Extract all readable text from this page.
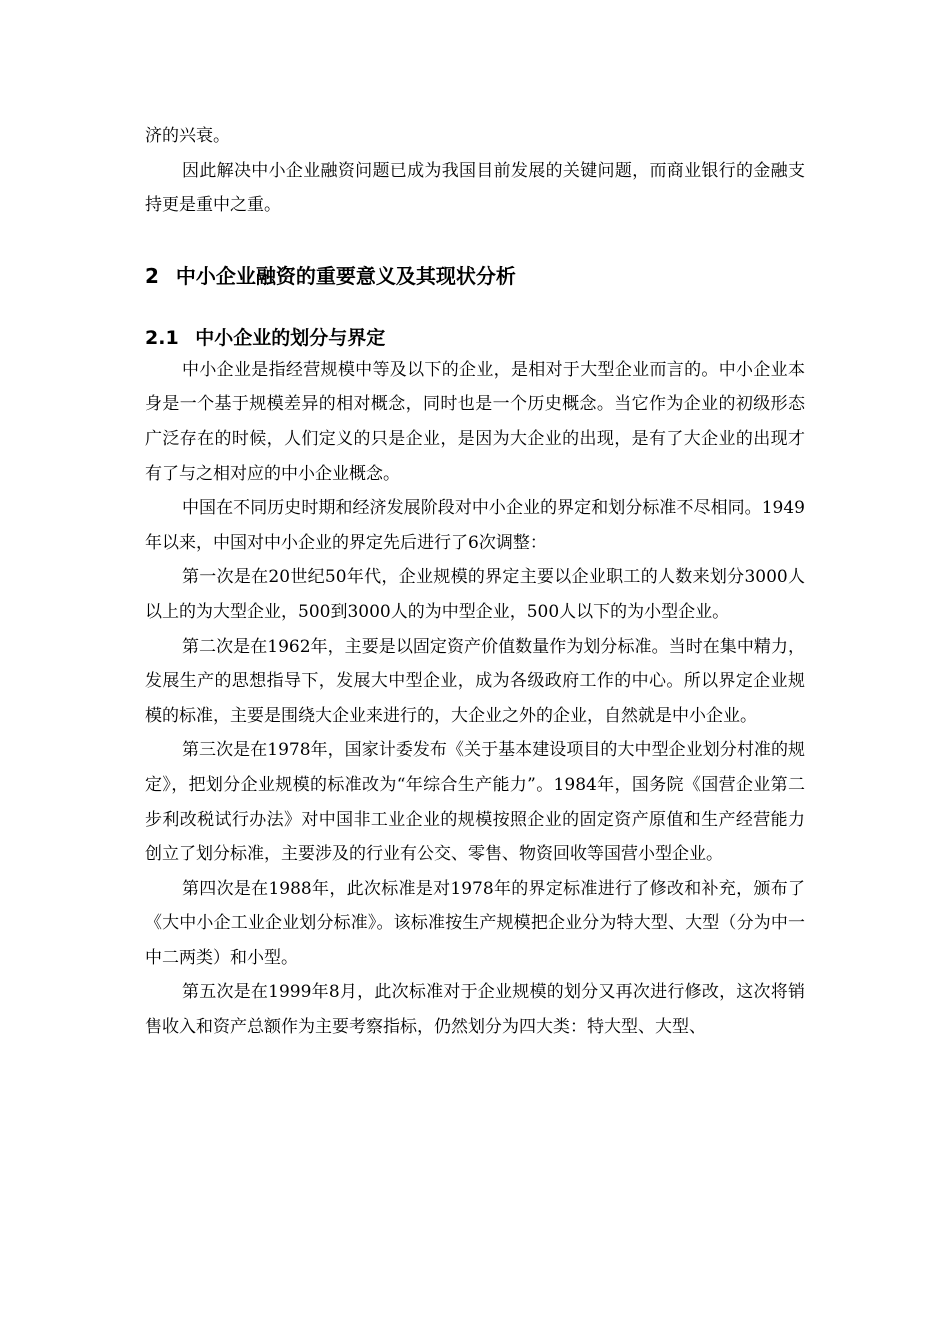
济的兴衰。

因此解决中小企业融资问题已成为我国目前发展的关键问题，而商业银行的金融支持更是重中之重。

2 中小企业融资的重要意义及其现状分析
2.1 中小企业的划分与界定

中小企业是指经营规模中等及以下的企业，是相对于大型企业而言的。中小企业本身是一个基于规模差异的相对概念，同时也是一个历史概念。当它作为企业的初级形态广泛存在的时候，人们定义的只是企业，是因为大企业的出现，是有了大企业的出现才有了与之相对应的中小企业概念。

中国在不同历史时期和经济发展阶段对中小企业的界定和划分标准不尽相同。1949年以来，中国对中小企业的界定先后进行了6次调整：

第一次是在20世纪50年代，企业规模的界定主要以企业职工的人数来划分3000人以上的为大型企业，500到3000人的为中型企业，500人以下的为小型企业。

第二次是在1962年，主要是以固定资产价值数量作为划分标准。当时在集中精力，发展生产的思想指导下，发展大中型企业，成为各级政府工作的中心。所以界定企业规模的标准，主要是围绕大企业来进行的，大企业之外的企业，自然就是中小企业。

第三次是在1978年，国家计委发布《关于基本建设项目的大中型企业划分村准的规定》，把划分企业规模的标准改为“年综合生产能力”。1984年，国务院《国营企业第二步利改税试行办法》对中国非工业企业的规模按照企业的固定资产原值和生产经营能力创立了划分标准，主要涉及的行业有公交、零售、物资回收等国营小型企业。

第四次是在1988年，此次标准是对1978年的界定标准进行了修改和补充，颁布了《大中小企工业企业划分标准》。该标准按生产规模把企业分为特大型、大型（分为中一中二两类）和小型。

第五次是在1999年8月，此次标准对于企业规模的划分又再次进行修改，这次将销售收入和资产总额作为主要考察指标，仍然划分为四大类：特大型、大型、
